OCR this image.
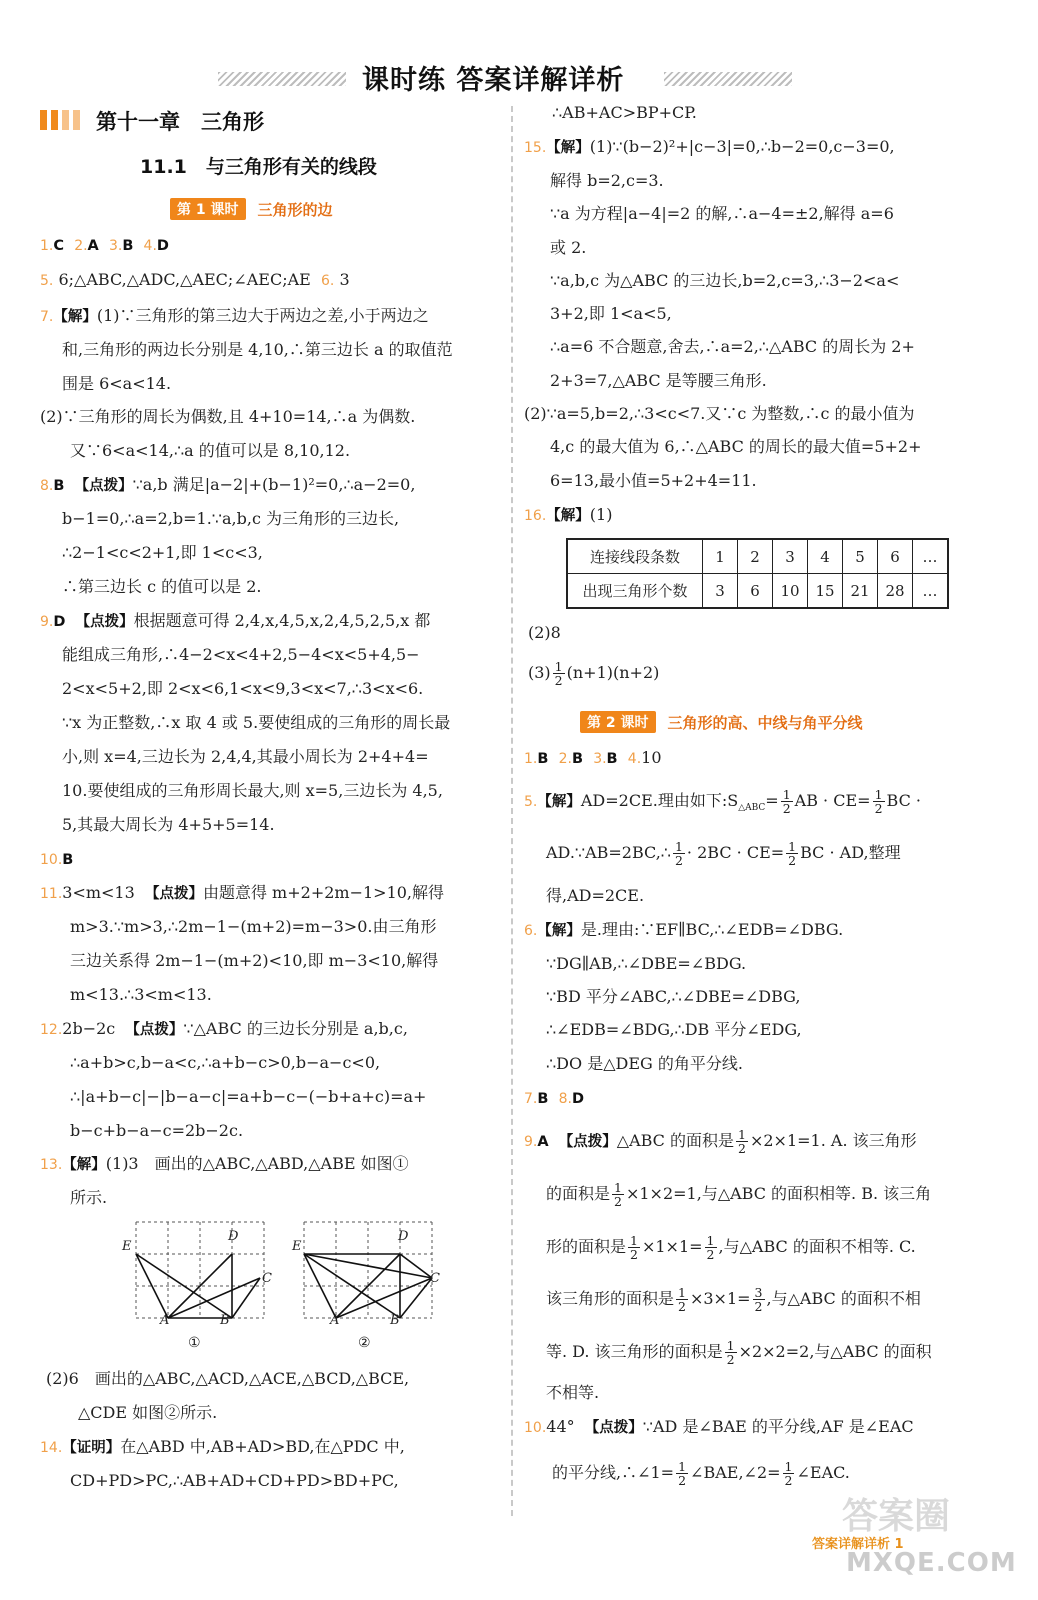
课时练 答案详解详析
第十一章　三角形
11.1　与三角形有关的线段
第 1 课时 三角形的边
1.C 2.A 3.B 4.D
5. 6;△ABC,△ADC,△AEC;∠AEC;AE 6. 3
7.【解】(1)∵三角形的第三边大于两边之差,小于两边之
和,三角形的两边长分别是 4,10,∴第三边长 a 的取值范
围是 6<a<14.
(2)∵三角形的周长为偶数,且 4+10=14,∴a 为偶数.
又∵6<a<14,∴a 的值可以是 8,10,12.
8.B 【点拨】∵a,b 满足|a−2|+(b−1)²=0,∴a−2=0,
b−1=0,∴a=2,b=1.∵a,b,c 为三角形的三边长,
∴2−1<c<2+1,即 1<c<3,
∴第三边长 c 的值可以是 2.
9.D 【点拨】根据题意可得 2,4,x,4,5,x,2,4,5,2,5,x 都
能组成三角形,∴4−2<x<4+2,5−4<x<5+4,5−
2<x<5+2,即 2<x<6,1<x<9,3<x<7,∴3<x<6.
∵x 为正整数,∴x 取 4 或 5.要使组成的三角形的周长最
小,则 x=4,三边长为 2,4,4,其最小周长为 2+4+4=
10.要使组成的三角形周长最大,则 x=5,三边长为 4,5,
5,其最大周长为 4+5+5=14.
10.B
11.3<m<13 【点拨】由题意得 m+2+2m−1>10,解得
m>3.∵m>3,∴2m−1−(m+2)=m−3>0.由三角形
三边关系得 2m−1−(m+2)<10,即 m−3<10,解得
m<13.∴3<m<13.
12.2b−2c 【点拨】∵△ABC 的三边长分别是 a,b,c,
∴a+b>c,b−a<c,∴a+b−c>0,b−a−c<0,
∴|a+b−c|−|b−a−c|=a+b−c−(−b+a+c)=a+
b−c+b−a−c=2b−2c.
13.【解】(1)3　画出的△ABC,△ABD,△ABE 如图①
所示.
E
D
C
A	B
①
E
D
C
A	B
②
(2)6　画出的△ABC,△ACD,△ACE,△BCD,△BCE,
△CDE 如图②所示.
14.【证明】在△ABD 中,AB+AD>BD,在△PDC 中,
CD+PD>PC,∴AB+AD+CD+PD>BD+PC,
∴AB+AC>BP+CP.
15.【解】(1)∵(b−2)²+|c−3|=0,∴b−2=0,c−3=0,
解得 b=2,c=3.
∵a 为方程|a−4|=2 的解,∴a−4=±2,解得 a=6
或 2.
∵a,b,c 为△ABC 的三边长,b=2,c=3,∴3−2<a<
3+2,即 1<a<5,
∴a=6 不合题意,舍去,∴a=2,∴△ABC 的周长为 2+
2+3=7,△ABC 是等腰三角形.
(2)∵a=5,b=2,∴3<c<7.又∵c 为整数,∴c 的最小值为
4,c 的最大值为 6,∴△ABC 的周长的最大值=5+2+
6=13,最小值=5+2+4=11.
16.【解】(1)
连接线段条数	1	2	3	4	5	6	…
出现三角形个数	3	6	10	15	21	28	…
(2)8
$(3) \frac{1}{2} (n+1)(n+2)$
第 2 课时 三角形的高、中线与角平分线
1.B 2.B 3.B 4.10
5.【解】AD=2CE.理由如下$:S_{\triangle ABC}= \frac{1}{2}$ AB · $CE= \frac{1}{2}$ BC ·
AD.∵AB=2BC,∴ $\frac{1}{2} \cdot 2BC \cdot CE= \frac{1}{2}$ BC · AD,整理
得,AD=2CE.
6.【解】是.理由:∵EF∥BC,∴∠EDB=∠DBG.
∵DG∥AB,∴∠DBE=∠BDG.
∵BD 平分∠ABC,∴∠DBE=∠DBG,
∴∠EDB=∠BDG,∴DB 平分∠EDG,
∴DO 是△DEG 的角平分线.
7.B 8.D
9.A 【点拨】△ABC 的面积是 $\frac{1}{2} \times 2\times 1=1$. A. 该三角形
的面积是 $\frac{1}{2} \times 1\times 2=1$,与△ABC 的面积相等. B. 该三角
形的面积是 $\frac{1}{2} \times 1\times 1= \frac{1}{2}$ ,与△ABC 的面积不相等. C.
该三角形的面积是 $\frac{1}{2} \times 3\times 1= \frac{3}{2}$ ,与△ABC 的面积不相
等. D. 该三角形的面积是 $\frac{1}{2} \times 2\times 2=2$,与△ABC 的面积
不相等.
10.44° 【点拨】∵AD 是∠BAE 的平分线,AF 是∠EAC
的平分线,∴∠1= $\frac{1}{2}$ ∠BAE,∠2= $\frac{1}{2}$ ∠EAC.
答案圈
答案详解详析 1
MXQE.COM
